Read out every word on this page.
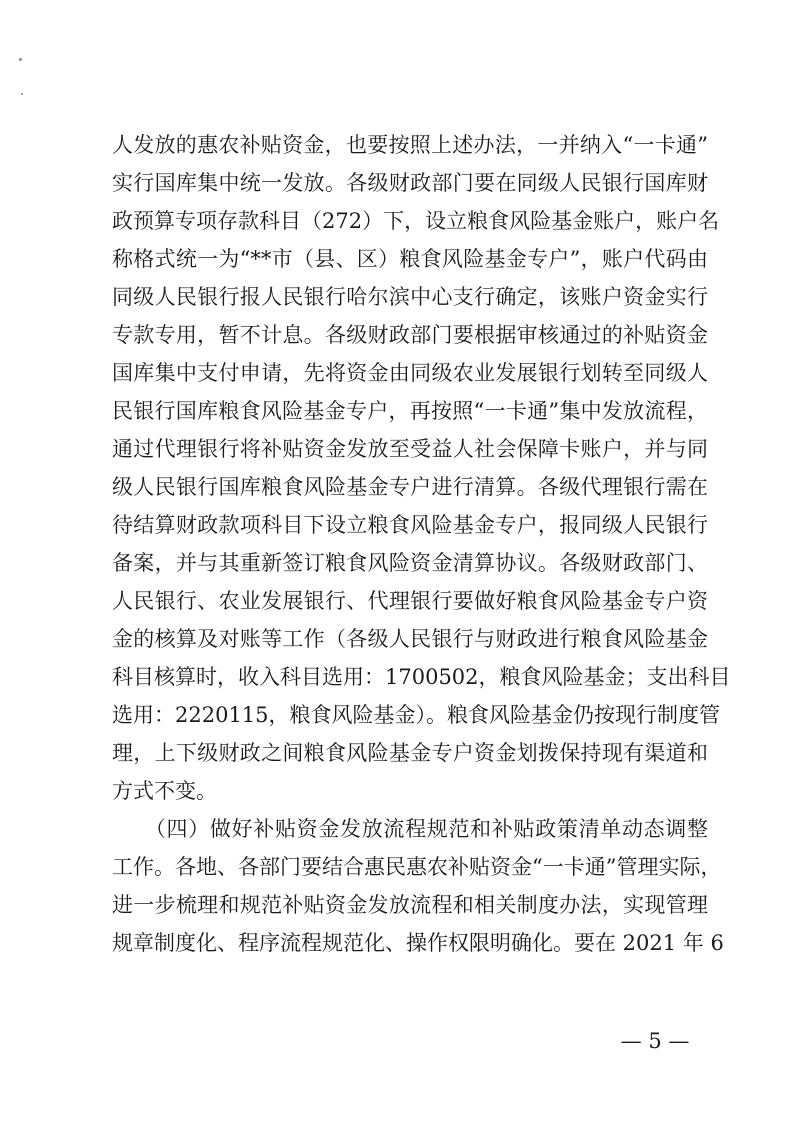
人发放的惠农补贴资金，也要按照上述办法，一并纳入“一卡通”
实行国库集中统一发放。各级财政部门要在同级人民银行国库财
政预算专项存款科目（272）下，设立粮食风险基金账户，账户名
称格式统一为“**市（县、区）粮食风险基金专户”，账户代码由
同级人民银行报人民银行哈尔滨中心支行确定，该账户资金实行
专款专用，暂不计息。各级财政部门要根据审核通过的补贴资金
国库集中支付申请，先将资金由同级农业发展银行划转至同级人
民银行国库粮食风险基金专户，再按照“一卡通”集中发放流程，
通过代理银行将补贴资金发放至受益人社会保障卡账户，并与同
级人民银行国库粮食风险基金专户进行清算。各级代理银行需在
待结算财政款项科目下设立粮食风险基金专户，报同级人民银行
备案，并与其重新签订粮食风险资金清算协议。各级财政部门、
人民银行、农业发展银行、代理银行要做好粮食风险基金专户资
金的核算及对账等工作（各级人民银行与财政进行粮食风险基金
科目核算时，收入科目选用：1700502，粮食风险基金；支出科目
选用：2220115，粮食风险基金）。粮食风险基金仍按现行制度管
理，上下级财政之间粮食风险基金专户资金划拨保持现有渠道和
方式不变。
　　（四）做好补贴资金发放流程规范和补贴政策清单动态调整
工作。各地、各部门要结合惠民惠农补贴资金“一卡通”管理实际，
进一步梳理和规范补贴资金发放流程和相关制度办法，实现管理
规章制度化、程序流程规范化、操作权限明确化。要在 2021 年 6
— 5 —
